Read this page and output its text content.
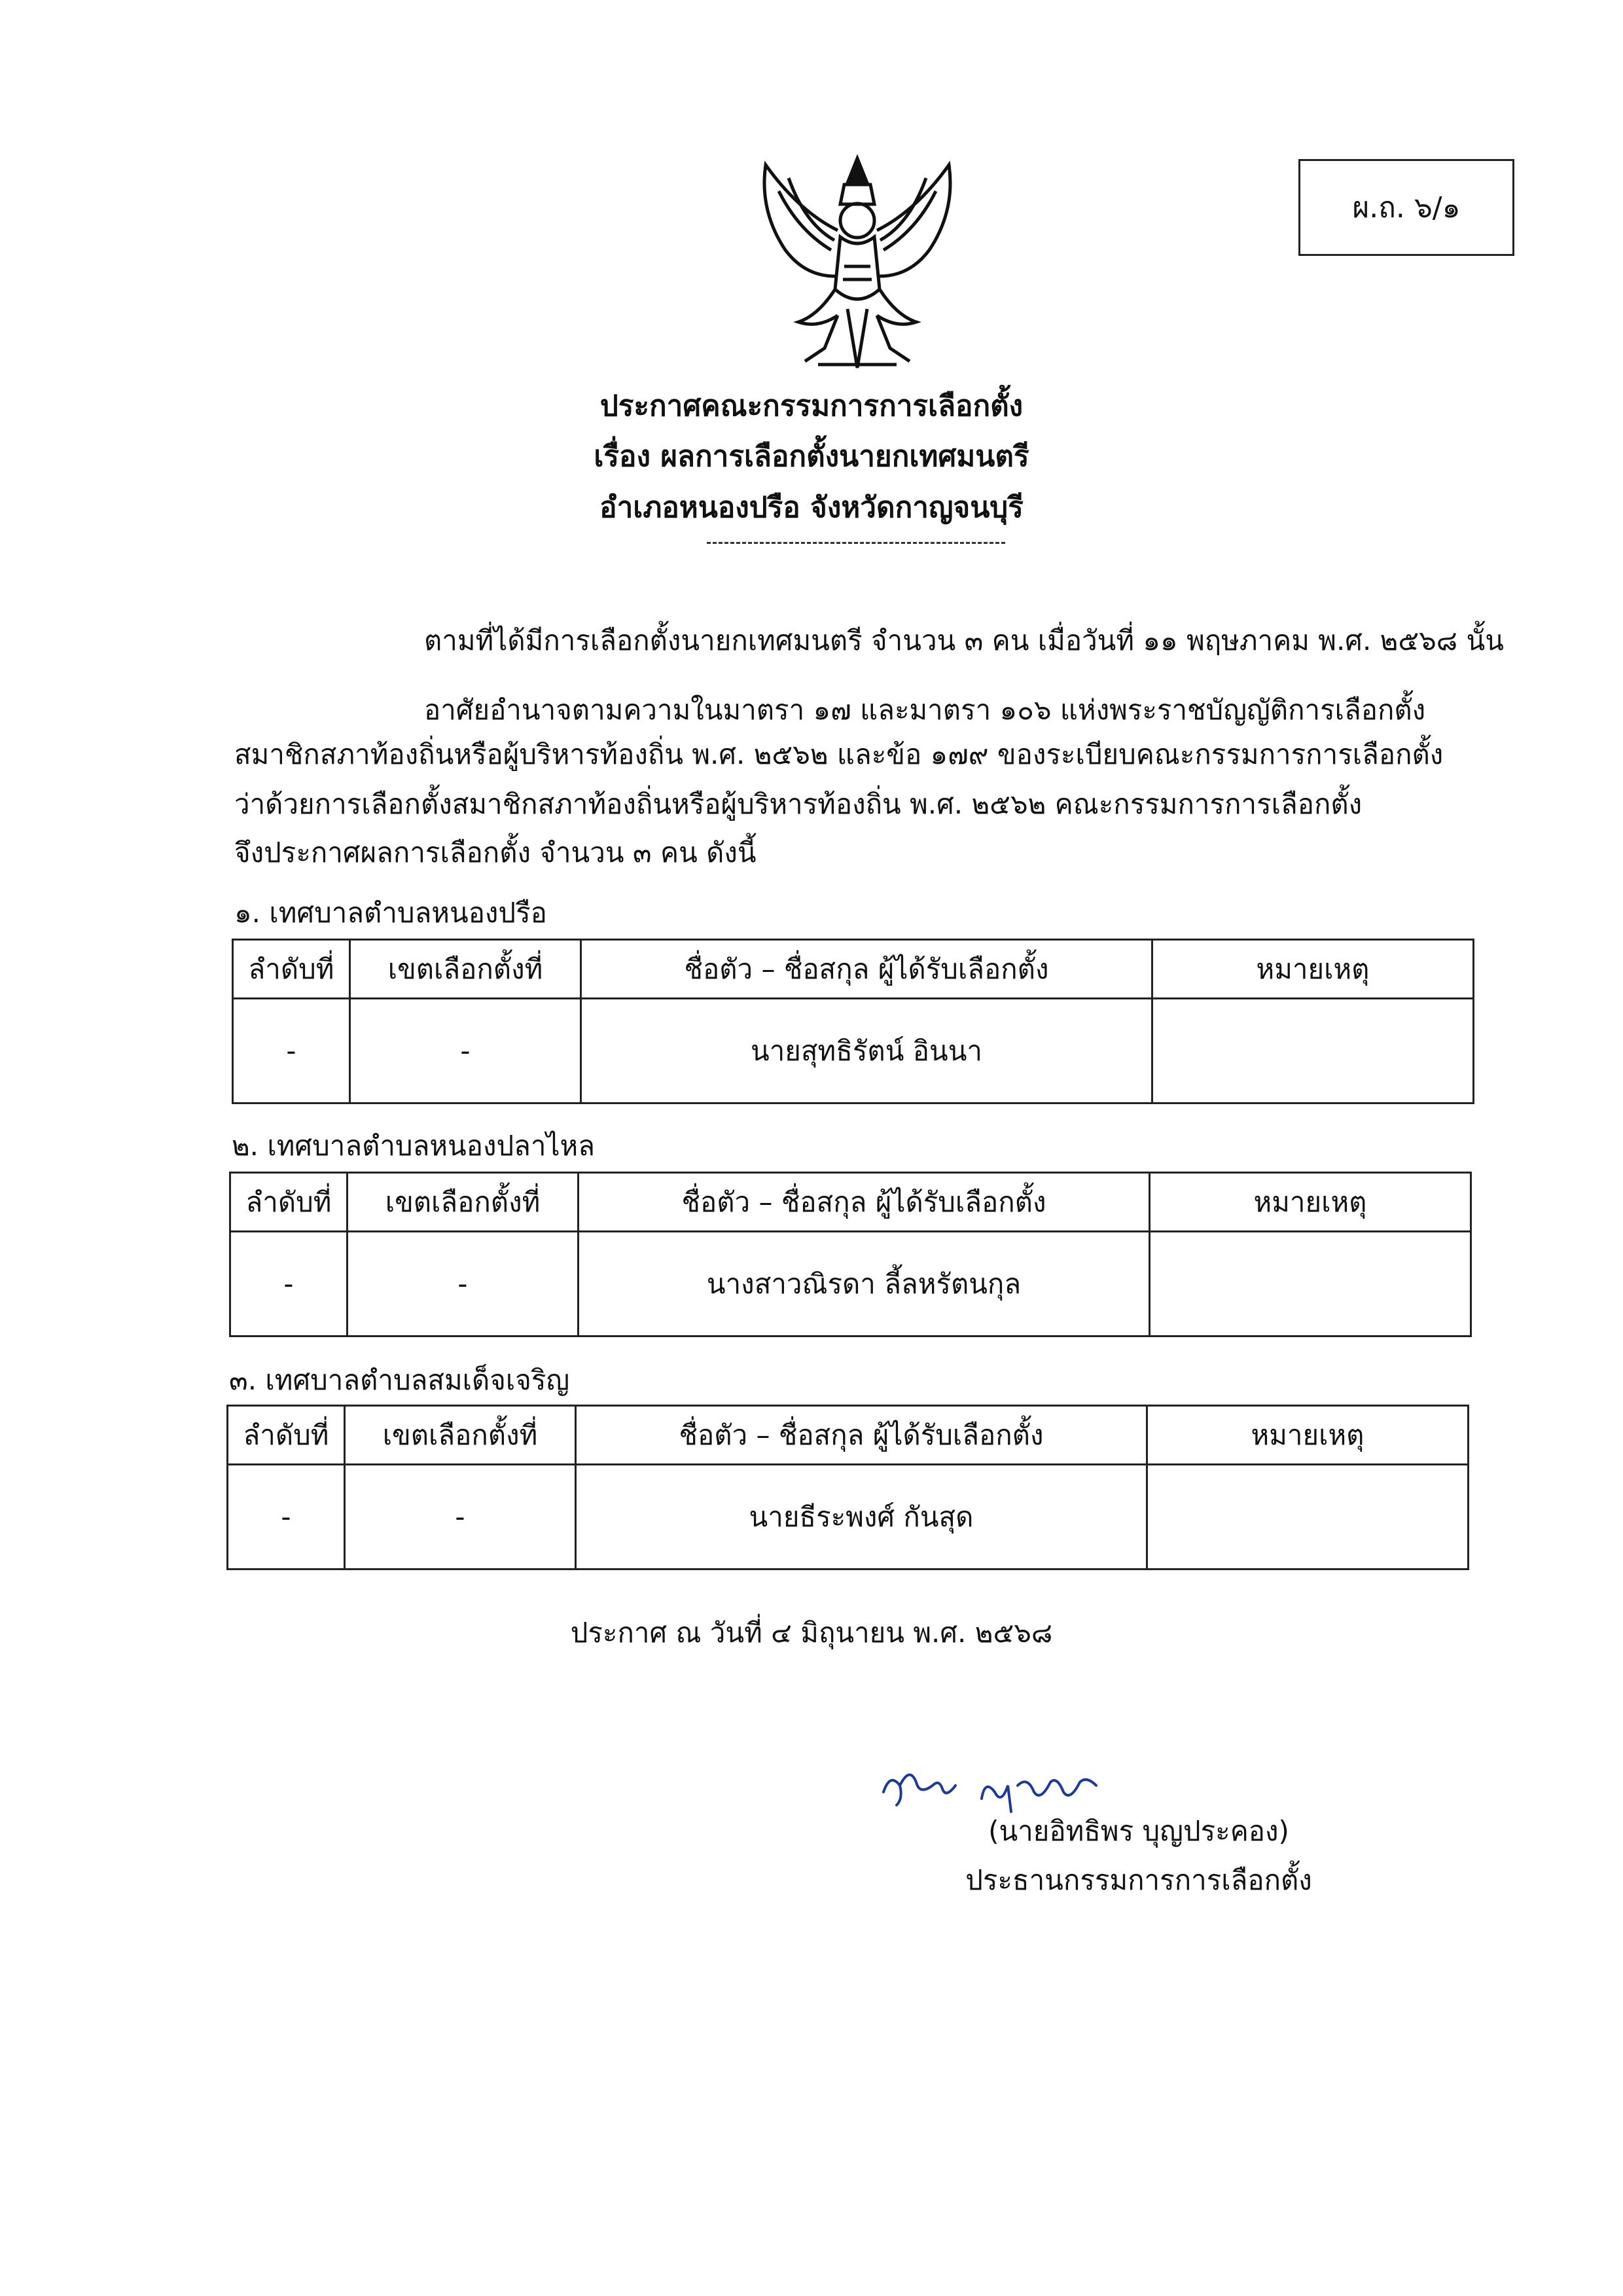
ผ.ถ. ๖/๑
ประกาศคณะกรรมการการเลือกตั้ง
เรื่อง ผลการเลือกตั้งนายกเทศมนตรี
อำเภอหนองปรือ จังหวัดกาญจนบุรี
ตามที่ได้มีการเลือกตั้งนายกเทศมนตรี จำนวน ๓ คน เมื่อวันที่ ๑๑ พฤษภาคม พ.ศ. ๒๕๖๘ นั้น
อาศัยอำนาจตามความในมาตรา ๑๗ และมาตรา ๑๐๖ แห่งพระราชบัญญัติการเลือกตั้ง
สมาชิกสภาท้องถิ่นหรือผู้บริหารท้องถิ่น พ.ศ. ๒๕๖๒ และข้อ ๑๗๙ ของระเบียบคณะกรรมการการเลือกตั้ง
ว่าด้วยการเลือกตั้งสมาชิกสภาท้องถิ่นหรือผู้บริหารท้องถิ่น พ.ศ. ๒๕๖๒ คณะกรรมการการเลือกตั้ง
จึงประกาศผลการเลือกตั้ง จำนวน ๓ คน ดังนี้
๑. เทศบาลตำบลหนองปรือ
ลำดับที่	เขตเลือกตั้งที่	ชื่อตัว – ชื่อสกุล ผู้ได้รับเลือกตั้ง	หมายเหตุ
-	-	นายสุทธิรัตน์ อินนา	
๒. เทศบาลตำบลหนองปลาไหล
ลำดับที่	เขตเลือกตั้งที่	ชื่อตัว – ชื่อสกุล ผู้ได้รับเลือกตั้ง	หมายเหตุ
-	-	นางสาวณิรดา ลี้ลหรัตนกุล	
๓. เทศบาลตำบลสมเด็จเจริญ
ลำดับที่	เขตเลือกตั้งที่	ชื่อตัว – ชื่อสกุล ผู้ได้รับเลือกตั้ง	หมายเหตุ
-	-	นายธีระพงศ์ กันสุด	
ประกาศ ณ วันที่ ๔ มิถุนายน พ.ศ. ๒๕๖๘
(นายอิทธิพร บุญประคอง)
ประธานกรรมการการเลือกตั้ง
